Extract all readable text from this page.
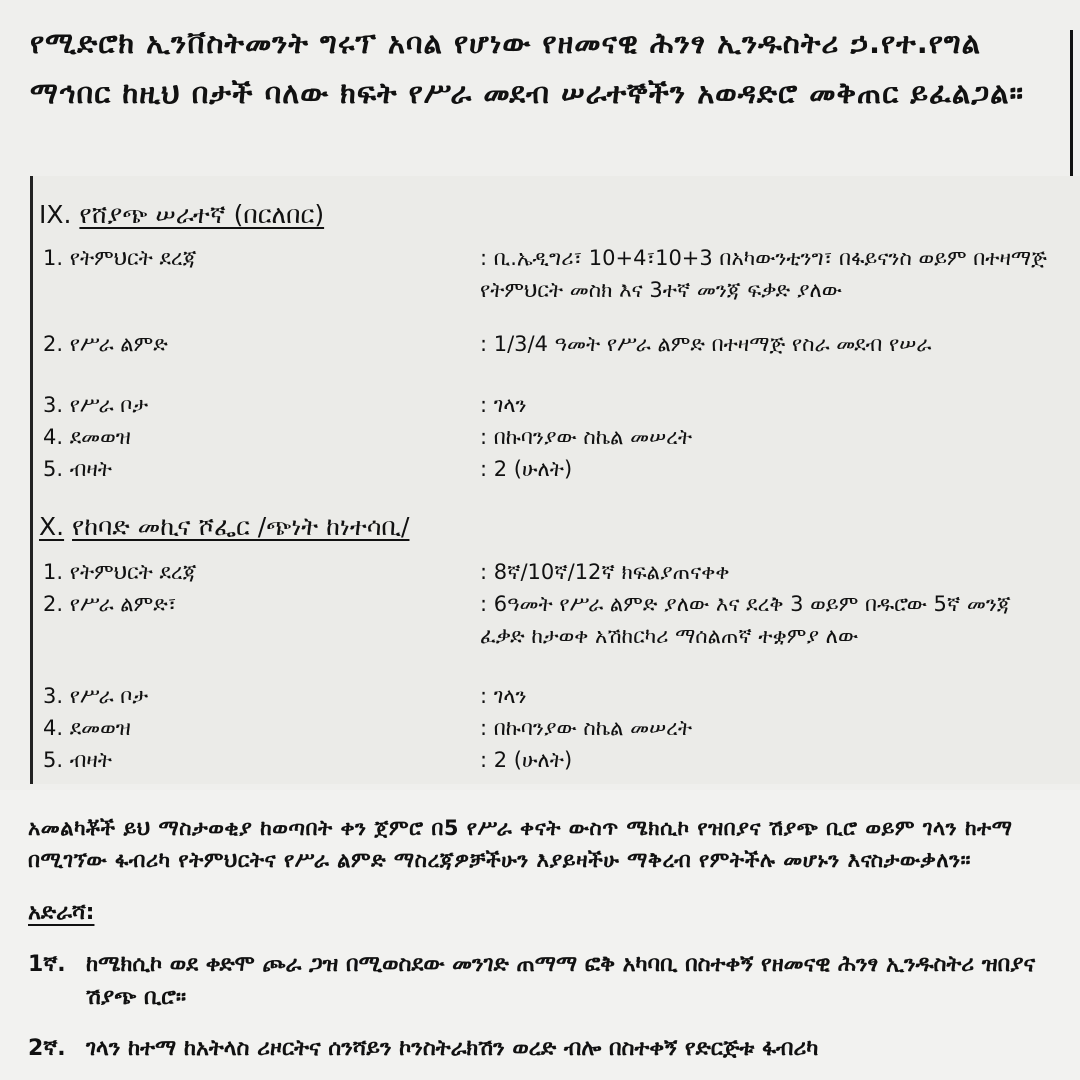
የሚድሮክ ኢንቨስትመንት ግሩፕ አባል የሆነው የዘመናዊ ሕንፃ ኢንዱስትሪ ኃ.የተ.የግል ማኅበር ከዚህ በታች ባለው ክፍት የሥራ መደብ ሠራተኞችን አወዳድሮ መቅጠር ይፈልጋል።
IX. የሸያጭ ሠራተኛ (በርለበር)
1. የትምህርት ደረጃ	: ቢ.ኤዲግሪ፣ 10+4፣10+3 በአካውንቲንግ፣ በፋይናንስ ወይም በተዛማጅ የትምህርት መስክ እና 3ተኛ መንጃ ፍቃድ ያለው
2. የሥራ ልምድ	: 1/3/4 ዓመት የሥራ ልምድ በተዛማጅ የስራ መደብ የሠራ
3. የሥራ ቦታ	: ገላን
4. ደመወዝ	: በኩባንያው ስኬል መሠረት
5. ብዛት	: 2 (ሁለት)
X. የከባድ መኪና ሾፌር /ጭነት ከነተሳቢ/
1. የትምህርት ደረጃ	: 8ኛ/10ኛ/12ኛ ክፍልያጠናቀቀ
2. የሥራ ልምድ፣	: 6ዓመት የሥራ ልምድ ያለው እና ደረቅ 3 ወይም በዱሮው 5ኛ መንጃ ፈቃድ ከታወቀ አሽከርካሪ ማሰልጠኛ ተቋምያ ለው
3. የሥራ ቦታ	: ገላን
4. ደመወዝ	: በኩባንያው ስኬል መሠረት
5. ብዛት	: 2 (ሁለት)
አመልካቾች ይህ ማስታወቂያ ከወጣበት ቀን ጀምሮ በ5 የሥራ ቀናት ውስጥ ሜክሲኮ የዝበያና ሽያጭ ቢሮ ወይም ገላን ከተማ በሚገኘው ፋብሪካ የትምህርትና የሥራ ልምድ ማስረጃዎቻችሁን እያይዛችሁ ማቅረብ የምትችሉ መሆኑን እናስታውቃለን።
አድራሻ:
1ኛ. ከሜክሲኮ ወደ ቀድሞ ጮራ ጋዝ በሚወስደው መንገድ ጠማማ ፎቅ አካባቢ በስተቀኝ የዘመናዊ ሕንፃ ኢንዱስትሪ ዝበያና ሽያጭ ቢሮ።
2ኛ. ገላን ከተማ ከአትላስ ሪዞርትና ሰንሻይን ኮንስትራክሽን ወረድ ብሎ በስተቀኝ የድርጅቱ ፋብሪካ
